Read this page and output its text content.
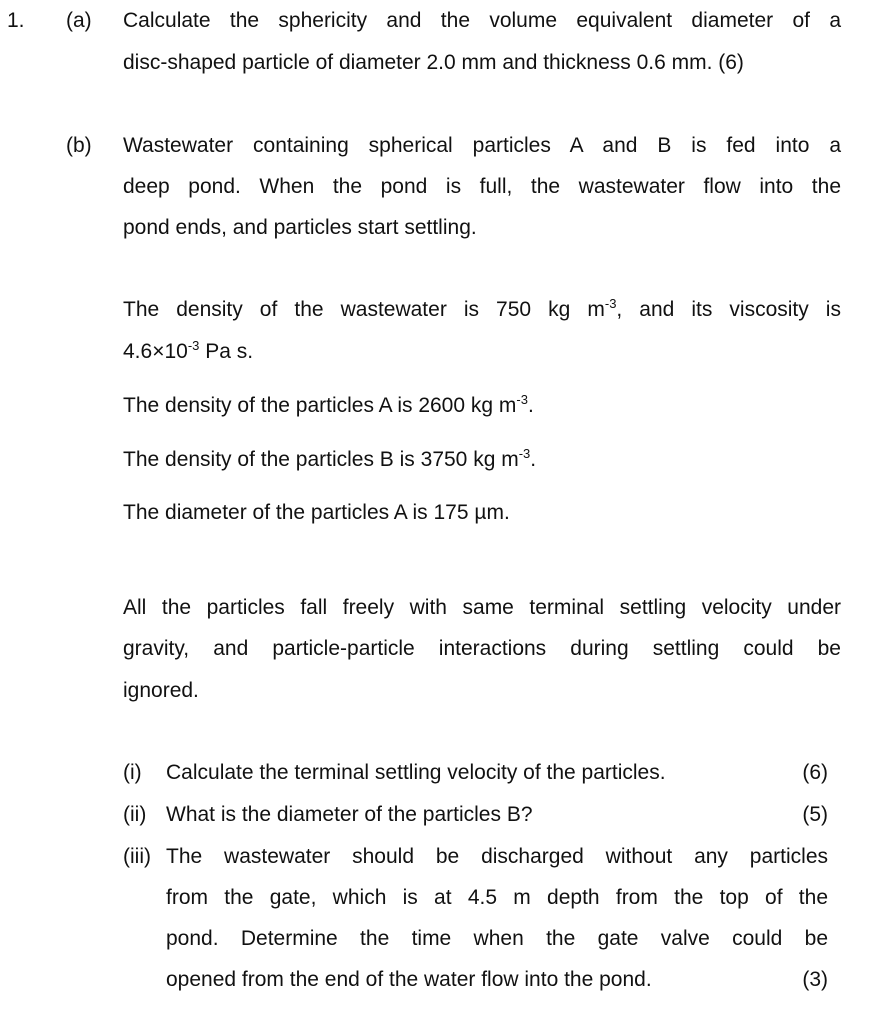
1. (a) Calculate the sphericity and the volume equivalent diameter of a
disc-shaped particle of diameter 2.0 mm and thickness 0.6 mm. (6)
(b) Wastewater containing spherical particles A and B is fed into a
deep pond. When the pond is full, the wastewater flow into the
pond ends, and particles start settling.
The density of the wastewater is 750 kg $m^{-3}$, and its viscosity is
$4.6\times 10^{-3}$ Pa s.
The density of the particles A is 2600 kg $m^{-3}$.
The density of the particles B is 3750 kg $m^{-3}$.
The diameter of the particles A is 175 µm.
All the particles fall freely with same terminal settling velocity under
gravity, and particle-particle interactions during settling could be
ignored.
(i) Calculate the terminal settling velocity of the particles.	(6)
(ii) What is the diameter of the particles B?	(5)
(iii) The wastewater should be discharged without any particles
from the gate, which is at 4.5 m depth from the top of the
pond. Determine the time when the gate valve could be
opened from the end of the water flow into the pond.	(3)
